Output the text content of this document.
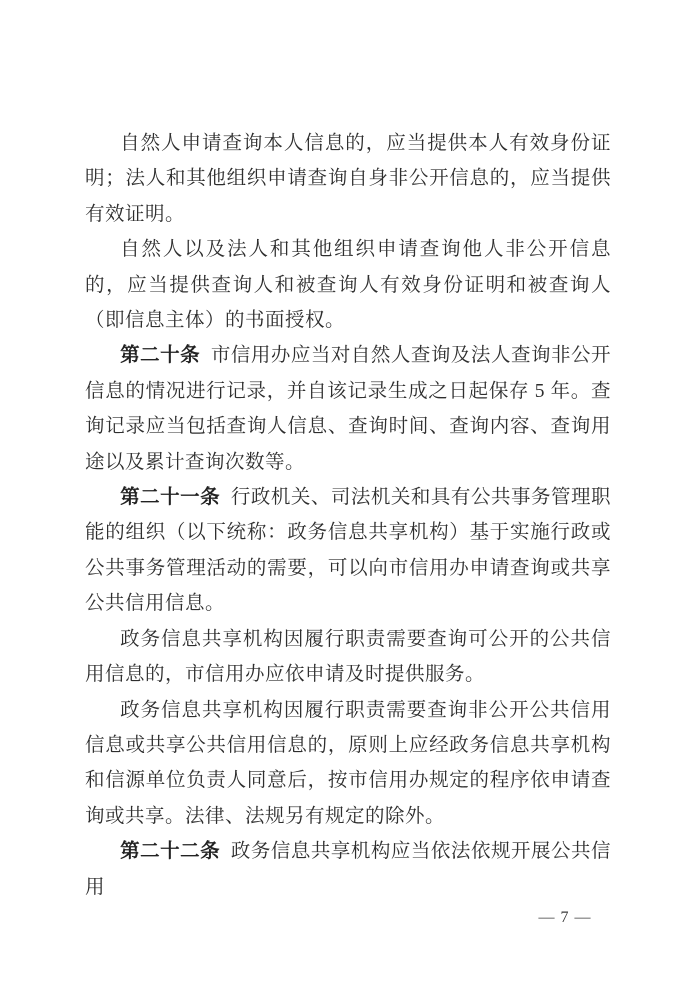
自然人申请查询本人信息的，应当提供本人有效身份证明；法人和其他组织申请查询自身非公开信息的，应当提供有效证明。

自然人以及法人和其他组织申请查询他人非公开信息的，应当提供查询人和被查询人有效身份证明和被查询人（即信息主体）的书面授权。

第二十条 市信用办应当对自然人查询及法人查询非公开信息的情况进行记录，并自该记录生成之日起保存 5 年。查询记录应当包括查询人信息、查询时间、查询内容、查询用途以及累计查询次数等。

第二十一条 行政机关、司法机关和具有公共事务管理职能的组织（以下统称：政务信息共享机构）基于实施行政或公共事务管理活动的需要，可以向市信用办申请查询或共享公共信用信息。

政务信息共享机构因履行职责需要查询可公开的公共信用信息的，市信用办应依申请及时提供服务。

政务信息共享机构因履行职责需要查询非公开公共信用信息或共享公共信用信息的，原则上应经政务信息共享机构和信源单位负责人同意后，按市信用办规定的程序依申请查询或共享。法律、法规另有规定的除外。

第二十二条 政务信息共享机构应当依法依规开展公共信用

— 7 —
